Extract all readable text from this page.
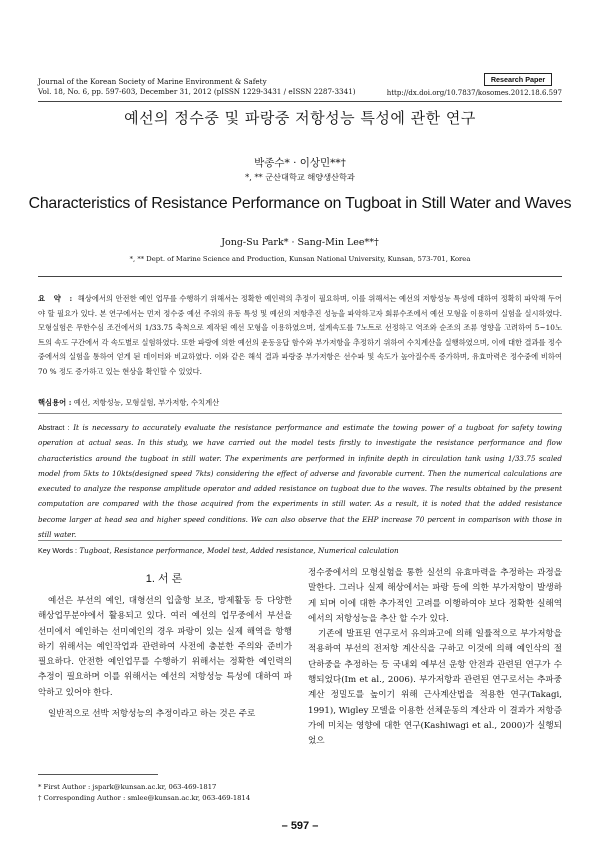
Journal of the Korean Society of Marine Environment & Safety
Vol. 18, No. 6, pp. 597-603, December 31, 2012 (pISSN 1229-3431 / eISSN 2287-3341)
Research Paper
http://dx.doi.org/10.7837/kosomes.2012.18.6.597
예선의 정수중 및 파랑중 저항성능 특성에 관한 연구
박종수* · 이상민**†
*, ** 군산대학교 해양생산학과
Characteristics of Resistance Performance on Tugboat in Still Water and Waves
Jong-Su Park* · Sang-Min Lee**†
*, ** Dept. of Marine Science and Production, Kunsan National University, Kunsan, 573-701, Korea
요 약 : 해상에서의 안전한 예인 업무를 수행하기 위해서는 정확한 예인력의 추정이 필요하며, 이를 위해서는 예선의 저항성능 특성에 대하여 정확히 파악해 두어야 할 필요가 있다. 본 연구에서는 먼저 정수중 예선 주위의 유동 특성 및 예선의 저항추진 성능을 파악하고자 회류수조에서 예선 모형을 이용하여 실험을 실시하였다. 모형실험은 무한수심 조건에서의 1/33.75 축척으로 제작된 예선 모형을 이용하였으며, 설계속도를 7노트로 선정하고 역조와 순조의 조류 영향을 고려하여 5~10노트의 속도 구간에서 각 속도별로 실험하였다. 또한 파랑에 의한 예선의 운동응답 함수와 부가저항을 추정하기 위하여 수치계산을 실행하였으며, 이에 대한 결과를 정수중에서의 실험을 통하여 얻게 된 데이터와 비교하였다. 이와 같은 해석 결과 파랑중 부가저항은 선수파 및 속도가 높아질수록 증가하며, 유효마력은 정수중에 비하여 70 % 정도 증가하고 있는 현상을 확인할 수 있었다.
핵심용어 : 예선, 저항성능, 모형실험, 부가저항, 수치계산
Abstract : It is necessary to accurately evaluate the resistance performance and estimate the towing power of a tugboat for safety towing operation at actual seas. In this study, we have carried out the model tests firstly to investigate the resistance performance and flow characteristics around the tugboat in still water. The experiments are performed in infinite depth in circulation tank using 1/33.75 scaled model from 5kts to 10kts(designed speed 7kts) considering the effect of adverse and favorable current. Then the numerical calculations are executed to analyze the response amplitude operator and added resistance on tugboat due to the waves. The results obtained by the present computation are compared with the those acquired from the experiments in still water. As a result, it is noted that the added resistance become larger at head sea and higher speed conditions. We can also observe that the EHP increase 70 percent in comparison with those in still water.
Key Words : Tugboat, Resistance performance, Model test, Added resistance, Numerical calculation
1. 서 론

예선은 부선의 예인, 대형선의 입출항 보조, 방제활동 등 다양한 해상업무분야에서 활용되고 있다. 여러 예선의 업무중에서 부선을 선미에서 예인하는 선미예인의 경우 파랑이 있는 실제 해역을 항행하기 위해서는 예인작업과 관련하여 사전에 충분한 주의와 준비가 필요하다. 안전한 예인업무를 수행하기 위해서는 정확한 예인력의 추정이 필요하며 이를 위해서는 예선의 저항성능 특성에 대하여 파악하고 있어야 한다.

일반적으로 선박 저항성능의 추정이라고 하는 것은 주로

정수중에서의 모형실험을 통한 실선의 유효마력을 추정하는 과정을 말한다. 그러나 실제 해상에서는 파랑 등에 의한 부가저항이 발생하게 되며 이에 대한 추가적인 고려를 이행하여야 보다 정확한 실해역에서의 저항성능을 추산 할 수가 있다.

기존에 발표된 연구로서 유의파고에 의해 일률적으로 부가저항을 적용하여 부선의 전저항 계산식을 구하고 이것에 의해 예인삭의 절단하중을 추정하는 등 국내외 예부선 운항 안전과 관련된 연구가 수행되었다(Im et al., 2006). 부가저항과 관련된 연구로서는 추파중 계산 정밀도를 높이기 위해 근사계산법을 적용한 연구(Takagi, 1991), Wigley 모델을 이용한 선체운동의 계산과 이 결과가 저항증가에 미치는 영향에 대한 연구(Kashiwagi et al., 2000)가 실행되었으

* First Author : jspark@kunsan.ac.kr, 063-469-1817
† Corresponding Author : smlee@kunsan.ac.kr, 063-469-1814
– 597 –
